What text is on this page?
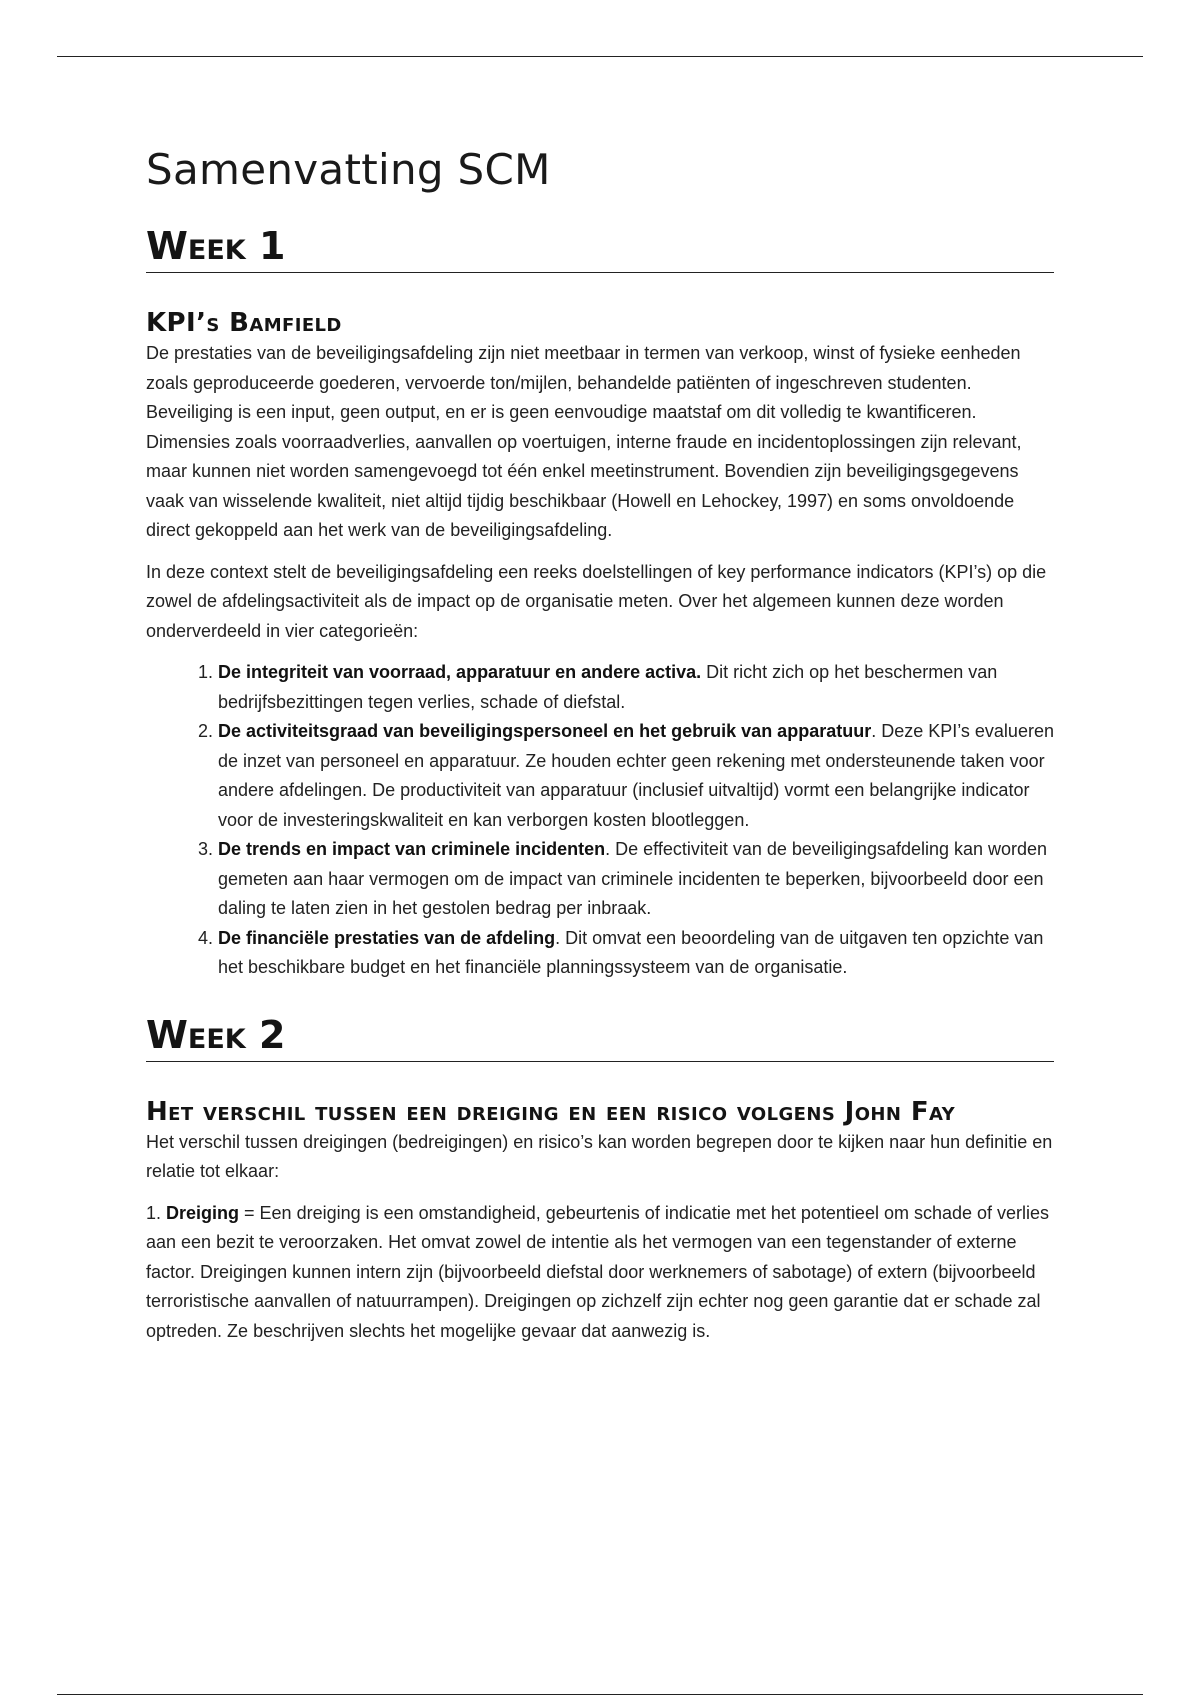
Samenvatting SCM
Week 1
KPI’s Bamfield

De prestaties van de beveiligingsafdeling zijn niet meetbaar in termen van verkoop, winst of fysieke eenheden zoals geproduceerde goederen, vervoerde ton/mijlen, behandelde patiënten of ingeschreven studenten. Beveiliging is een input, geen output, en er is geen eenvoudige maatstaf om dit volledig te kwantificeren. Dimensies zoals voorraadverlies, aanvallen op voertuigen, interne fraude en incidentoplossingen zijn relevant, maar kunnen niet worden samengevoegd tot één enkel meetinstrument. Bovendien zijn beveiligingsgegevens vaak van wisselende kwaliteit, niet altijd tijdig beschikbaar (Howell en Lehockey, 1997) en soms onvoldoende direct gekoppeld aan het werk van de beveiligingsafdeling.

In deze context stelt de beveiligingsafdeling een reeks doelstellingen of key performance indicators (KPI’s) op die zowel de afdelingsactiviteit als de impact op de organisatie meten. Over het algemeen kunnen deze worden onderverdeeld in vier categorieën:

1. De integriteit van voorraad, apparatuur en andere activa. Dit richt zich op het beschermen van bedrijfsbezittingen tegen verlies, schade of diefstal.
2. De activiteitsgraad van beveiligingspersoneel en het gebruik van apparatuur. Deze KPI’s evalueren de inzet van personeel en apparatuur. Ze houden echter geen rekening met ondersteunende taken voor andere afdelingen. De productiviteit van apparatuur (inclusief uitvaltijd) vormt een belangrijke indicator voor de investeringskwaliteit en kan verborgen kosten blootleggen.
3. De trends en impact van criminele incidenten. De effectiviteit van de beveiligingsafdeling kan worden gemeten aan haar vermogen om de impact van criminele incidenten te beperken, bijvoorbeeld door een daling te laten zien in het gestolen bedrag per inbraak.
4. De financiële prestaties van de afdeling. Dit omvat een beoordeling van de uitgaven ten opzichte van het beschikbare budget en het financiële planningssysteem van de organisatie.
Week 2
Het verschil tussen een dreiging en een risico volgens John Fay

Het verschil tussen dreigingen (bedreigingen) en risico’s kan worden begrepen door te kijken naar hun definitie en relatie tot elkaar:

1. Dreiging = Een dreiging is een omstandigheid, gebeurtenis of indicatie met het potentieel om schade of verlies aan een bezit te veroorzaken. Het omvat zowel de intentie als het vermogen van een tegenstander of externe factor. Dreigingen kunnen intern zijn (bijvoorbeeld diefstal door werknemers of sabotage) of extern (bijvoorbeeld terroristische aanvallen of natuurrampen). Dreigingen op zichzelf zijn echter nog geen garantie dat er schade zal optreden. Ze beschrijven slechts het mogelijke gevaar dat aanwezig is.
